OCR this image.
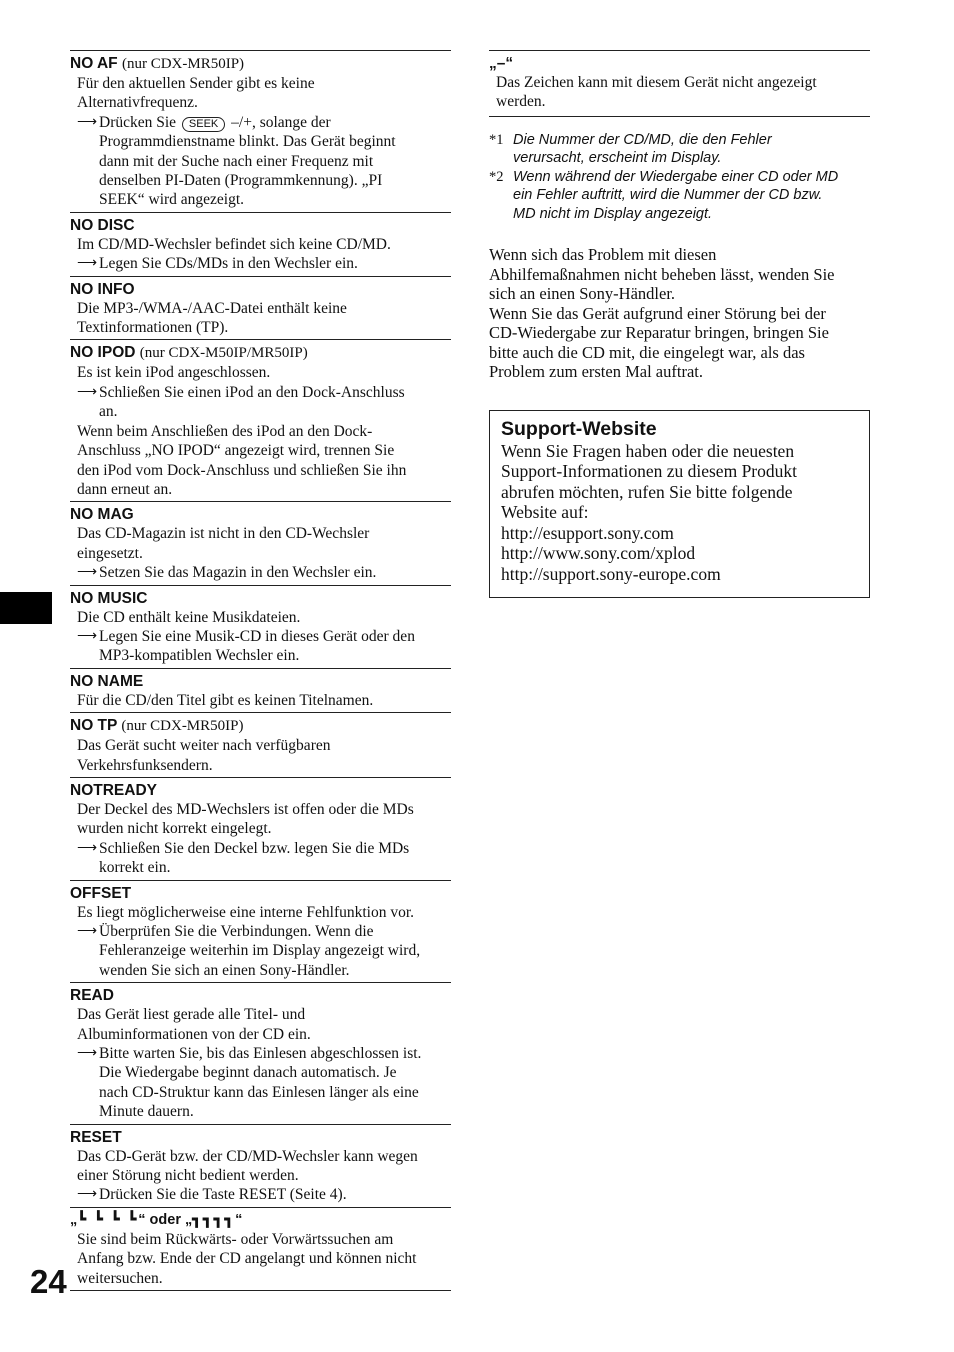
NO AF (nur CDX-MR50IP)
Für den aktuellen Sender gibt es keine
Alternativfrequenz.
⟶ Drücken Sie SEEK –/+, solange der
Programmdienstname blinkt. Das Gerät beginnt
dann mit der Suche nach einer Frequenz mit
denselben PI-Daten (Programmkennung). „PI
SEEK“ wird angezeigt.
NO DISC
Im CD/MD-Wechsler befindet sich keine CD/MD.
⟶ Legen Sie CDs/MDs in den Wechsler ein.
NO INFO
Die MP3-/WMA-/AAC-Datei enthält keine
Textinformationen (TP).
NO IPOD (nur CDX-M50IP/MR50IP)
Es ist kein iPod angeschlossen.
⟶ Schließen Sie einen iPod an den Dock-Anschluss
an.
Wenn beim Anschließen des iPod an den Dock-
Anschluss „NO IPOD“ angezeigt wird, trennen Sie
den iPod vom Dock-Anschluss und schließen Sie ihn
dann erneut an.
NO MAG
Das CD-Magazin ist nicht in den CD-Wechsler
eingesetzt.
⟶ Setzen Sie das Magazin in den Wechsler ein.
NO MUSIC
Die CD enthält keine Musikdateien.
⟶ Legen Sie eine Musik-CD in dieses Gerät oder den
MP3-kompatiblen Wechsler ein.
NO NAME
Für die CD/den Titel gibt es keinen Titelnamen.
NO TP (nur CDX-MR50IP)
Das Gerät sucht weiter nach verfügbaren
Verkehrsfunksendern.
NOTREADY
Der Deckel des MD-Wechslers ist offen oder die MDs
wurden nicht korrekt eingelegt.
⟶ Schließen Sie den Deckel bzw. legen Sie die MDs
korrekt ein.
OFFSET
Es liegt möglicherweise eine interne Fehlfunktion vor.
⟶ Überprüfen Sie die Verbindungen. Wenn die
Fehleranzeige weiterhin im Display angezeigt wird,
wenden Sie sich an einen Sony-Händler.
READ
Das Gerät liest gerade alle Titel- und
Albuminformationen von der CD ein.
⟶ Bitte warten Sie, bis das Einlesen abgeschlossen ist.
Die Wiedergabe beginnt danach automatisch. Je
nach CD-Struktur kann das Einlesen länger als eine
Minute dauern.
RESET
Das CD-Gerät bzw. der CD/MD-Wechsler kann wegen
einer Störung nicht bedient werden.
⟶ Drücken Sie die Taste RESET (Seite 4).
„┗ ┗ ┗ ┗“ oder „┓┓┓┓“
Sie sind beim Rückwärts- oder Vorwärtssuchen am
Anfang bzw. Ende der CD angelangt und können nicht
weitersuchen.
„–“
Das Zeichen kann mit diesem Gerät nicht angezeigt
werden.
*1 Die Nummer der CD/MD, die den Fehler
verursacht, erscheint im Display.
*2 Wenn während der Wiedergabe einer CD oder MD
ein Fehler auftritt, wird die Nummer der CD bzw.
MD nicht im Display angezeigt.
Wenn sich das Problem mit diesen
Abhilfemaßnahmen nicht beheben lässt, wenden Sie
sich an einen Sony-Händler.
Wenn Sie das Gerät aufgrund einer Störung bei der
CD-Wiedergabe zur Reparatur bringen, bringen Sie
bitte auch die CD mit, die eingelegt war, als das
Problem zum ersten Mal auftrat.
Support-Website
Wenn Sie Fragen haben oder die neuesten
Support-Informationen zu diesem Produkt
abrufen möchten, rufen Sie bitte folgende
Website auf:
http://esupport.sony.com
http://www.sony.com/xplod
http://support.sony-europe.com
24
